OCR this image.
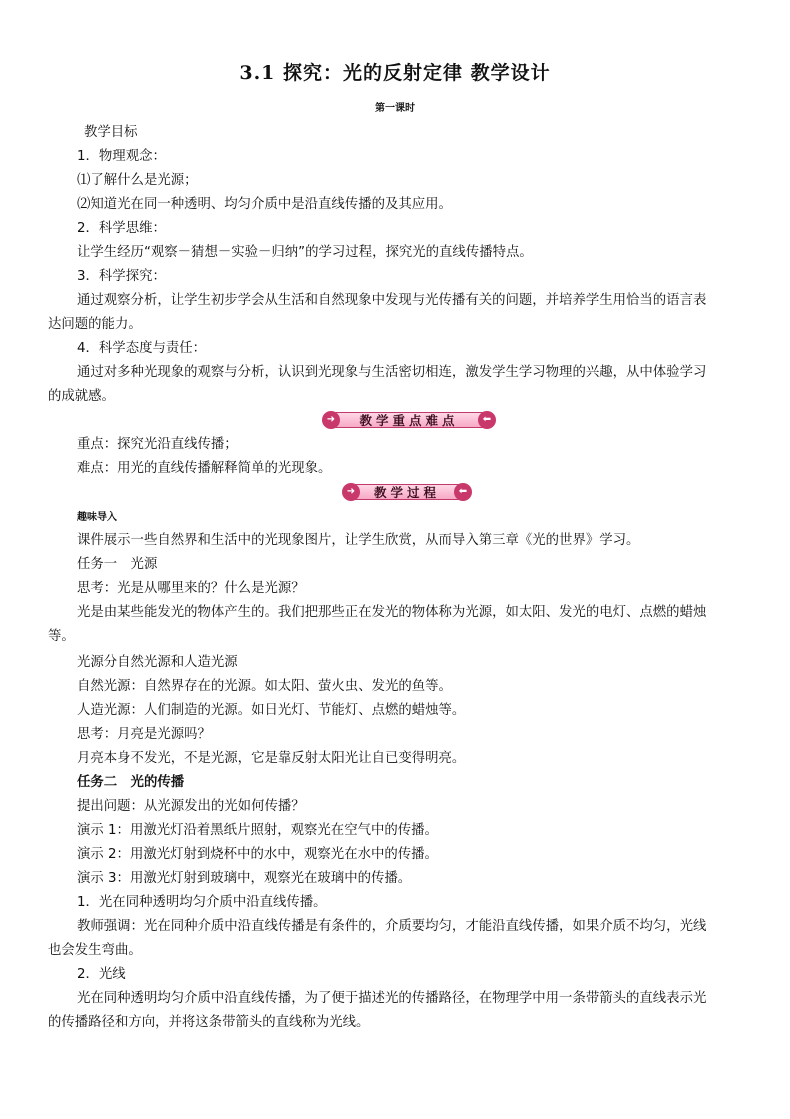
3.1 探究：光的反射定律 教学设计
第一课时
教学目标
1．物理观念：
⑴了解什么是光源；
⑵知道光在同一种透明、均匀介质中是沿直线传播的及其应用。
2．科学思维：
让学生经历“观察－猜想－实验－归纳”的学习过程，探究光的直线传播特点。
3．科学探究：
通过观察分析，让学生初步学会从生活和自然现象中发现与光传播有关的问题，并培养学生用恰当的语言表
达问题的能力。
4．科学态度与责任：
通过对多种光现象的观察与分析，认识到光现象与生活密切相连，激发学生学习物理的兴趣，从中体验学习
的成就感。
➜	教学重点难点	⬅
重点：探究光沿直线传播；
难点：用光的直线传播解释简单的光现象。
➜	教学过程	⬅
趣味导入
课件展示一些自然界和生活中的光现象图片，让学生欣赏，从而导入第三章《光的世界》学习。
任务一　光源
思考：光是从哪里来的？什么是光源？
光是由某些能发光的物体产生的。我们把那些正在发光的物体称为光源，如太阳、发光的电灯、点燃的蜡烛
等。
光源分自然光源和人造光源
自然光源：自然界存在的光源。如太阳、萤火虫、发光的鱼等。
人造光源：人们制造的光源。如日光灯、节能灯、点燃的蜡烛等。
思考：月亮是光源吗？
月亮本身不发光，不是光源，它是靠反射太阳光让自已变得明亮。
任务二　光的传播
提出问题：从光源发出的光如何传播？
演示 1：用激光灯沿着黑纸片照射，观察光在空气中的传播。
演示 2：用激光灯射到烧杯中的水中，观察光在水中的传播。
演示 3：用激光灯射到玻璃中，观察光在玻璃中的传播。
1．光在同种透明均匀介质中沿直线传播。
教师强调：光在同种介质中沿直线传播是有条件的，介质要均匀，才能沿直线传播，如果介质不均匀，光线
也会发生弯曲。
2．光线
光在同种透明均匀介质中沿直线传播，为了便于描述光的传播路径，在物理学中用一条带箭头的直线表示光
的传播路径和方向，并将这条带箭头的直线称为光线。
